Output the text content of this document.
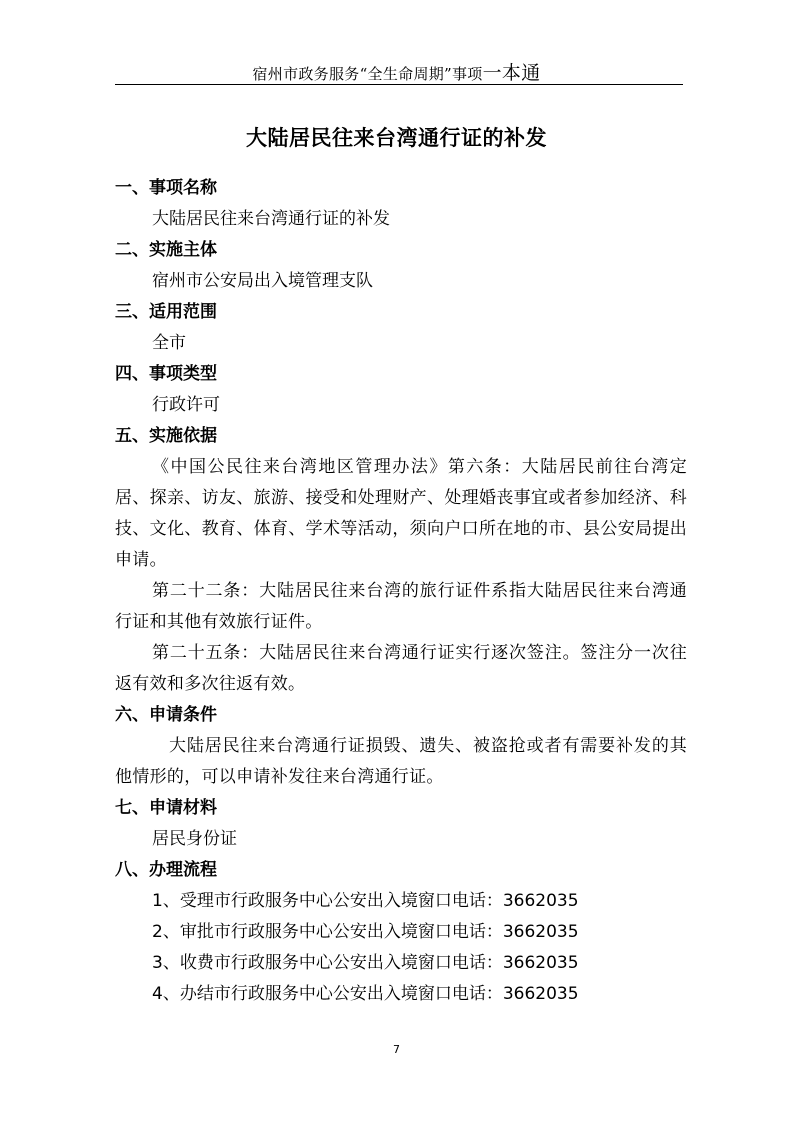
宿州市政务服务“全生命周期”事项一本通
大陆居民往来台湾通行证的补发
一、事项名称
大陆居民往来台湾通行证的补发
二、实施主体
宿州市公安局出入境管理支队
三、适用范围
全市
四、事项类型
行政许可
五、实施依据
《中国公民往来台湾地区管理办法》第六条：大陆居民前往台湾定居、探亲、访友、旅游、接受和处理财产、处理婚丧事宜或者参加经济、科技、文化、教育、体育、学术等活动，须向户口所在地的市、县公安局提出申请。
第二十二条：大陆居民往来台湾的旅行证件系指大陆居民往来台湾通行证和其他有效旅行证件。
第二十五条：大陆居民往来台湾通行证实行逐次签注。签注分一次往返有效和多次往返有效。
六、申请条件
大陆居民往来台湾通行证损毁、遗失、被盗抢或者有需要补发的其他情形的，可以申请补发往来台湾通行证。
七、申请材料
居民身份证
八、办理流程
1、受理市行政服务中心公安出入境窗口电话：3662035
2、审批市行政服务中心公安出入境窗口电话：3662035
3、收费市行政服务中心公安出入境窗口电话：3662035
4、办结市行政服务中心公安出入境窗口电话：3662035
7
